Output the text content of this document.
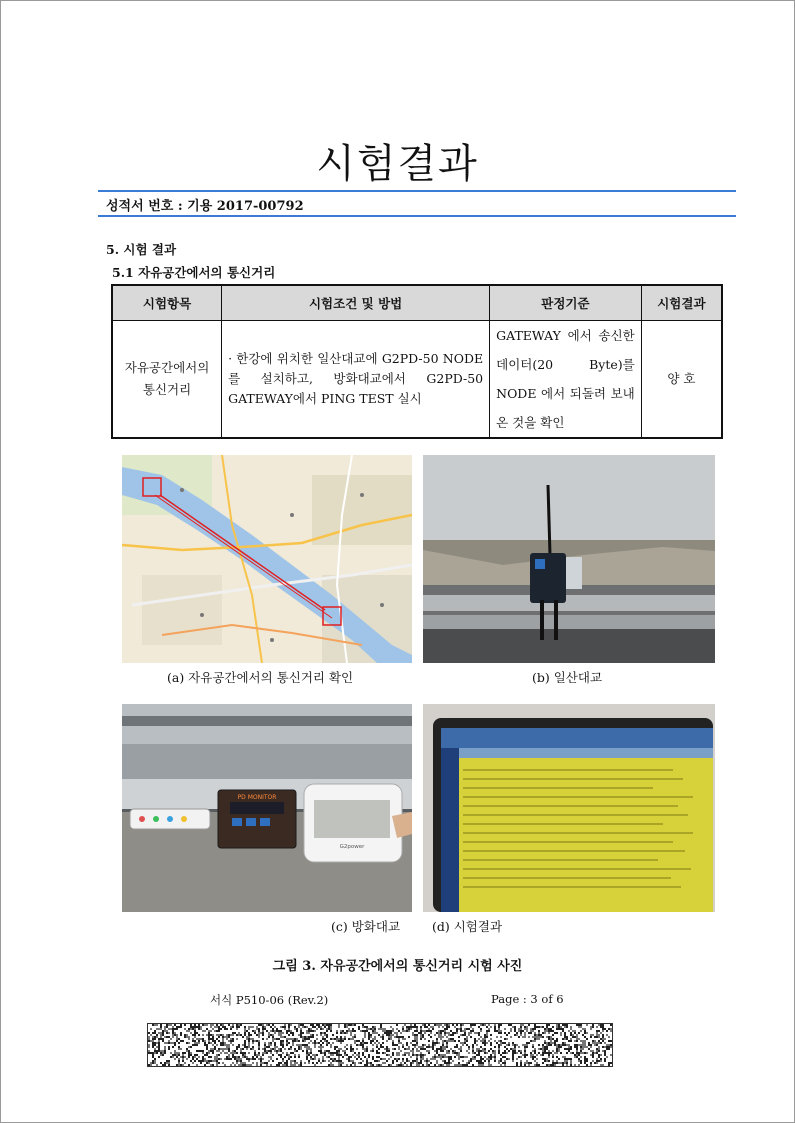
시험결과
성적서 번호 : 기용 2017-00792
5. 시험 결과
5.1 자유공간에서의 통신거리
시험항목	시험조건 및 방법	판정기준	시험결과

자유공간에서의
통신거리	· 한강에 위치한 일산대교에 G2PD-50 NODE를 설치하고, 방화대교에서 G2PD-50 GATEWAY에서 PING TEST 실시	GATEWAY 에서 송신한 데이터(20 Byte)를 NODE 에서 되돌려 보내온 것을 확인	양 호
(a) 자유공간에서의 통신거리 확인	(b) 일산대교
PD MONITOR
G2power
(c) 방화대교	(d) 시험결과
그림 3. 자유공간에서의 통신거리 시험 사진
서식 P510-06 (Rev.2)	Page : 3 of 6
